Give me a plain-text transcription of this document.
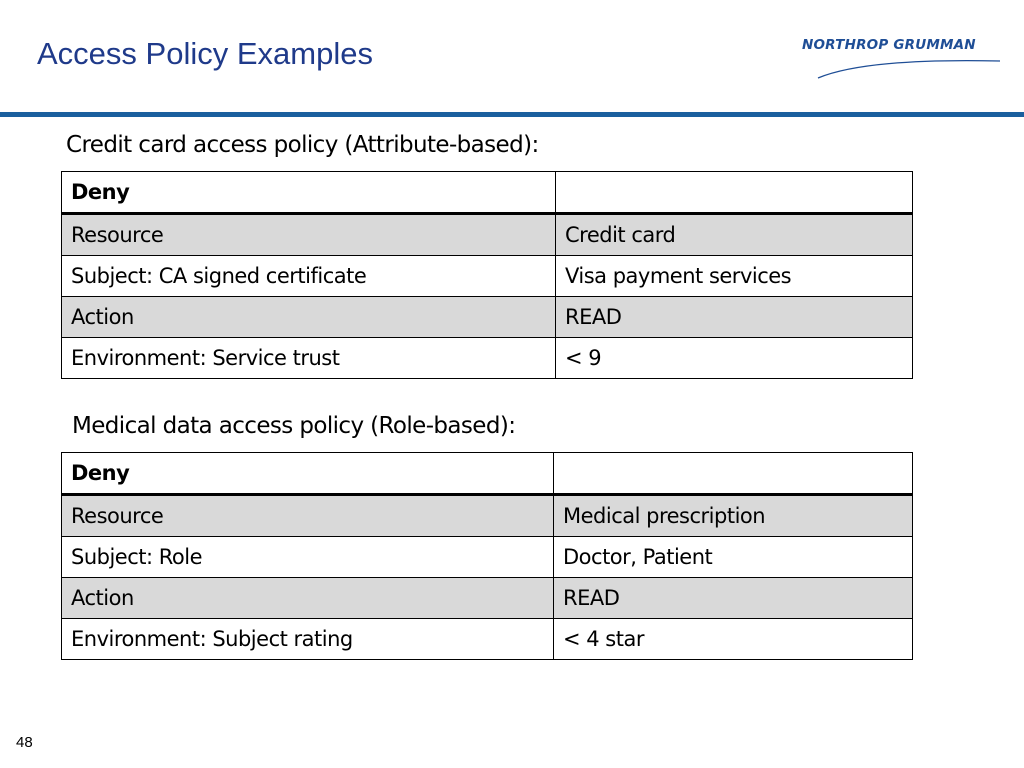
Access Policy Examples	NORTHROP GRUMMAN
Credit card access policy (Attribute-based):
Deny	
Resource	Credit card
Subject: CA signed certificate	Visa payment services
Action	READ
Environment: Service trust	< 9
Medical data access policy (Role-based):
Deny	
Resource	Medical prescription
Subject: Role	Doctor, Patient
Action	READ
Environment: Subject rating	< 4 star
48
